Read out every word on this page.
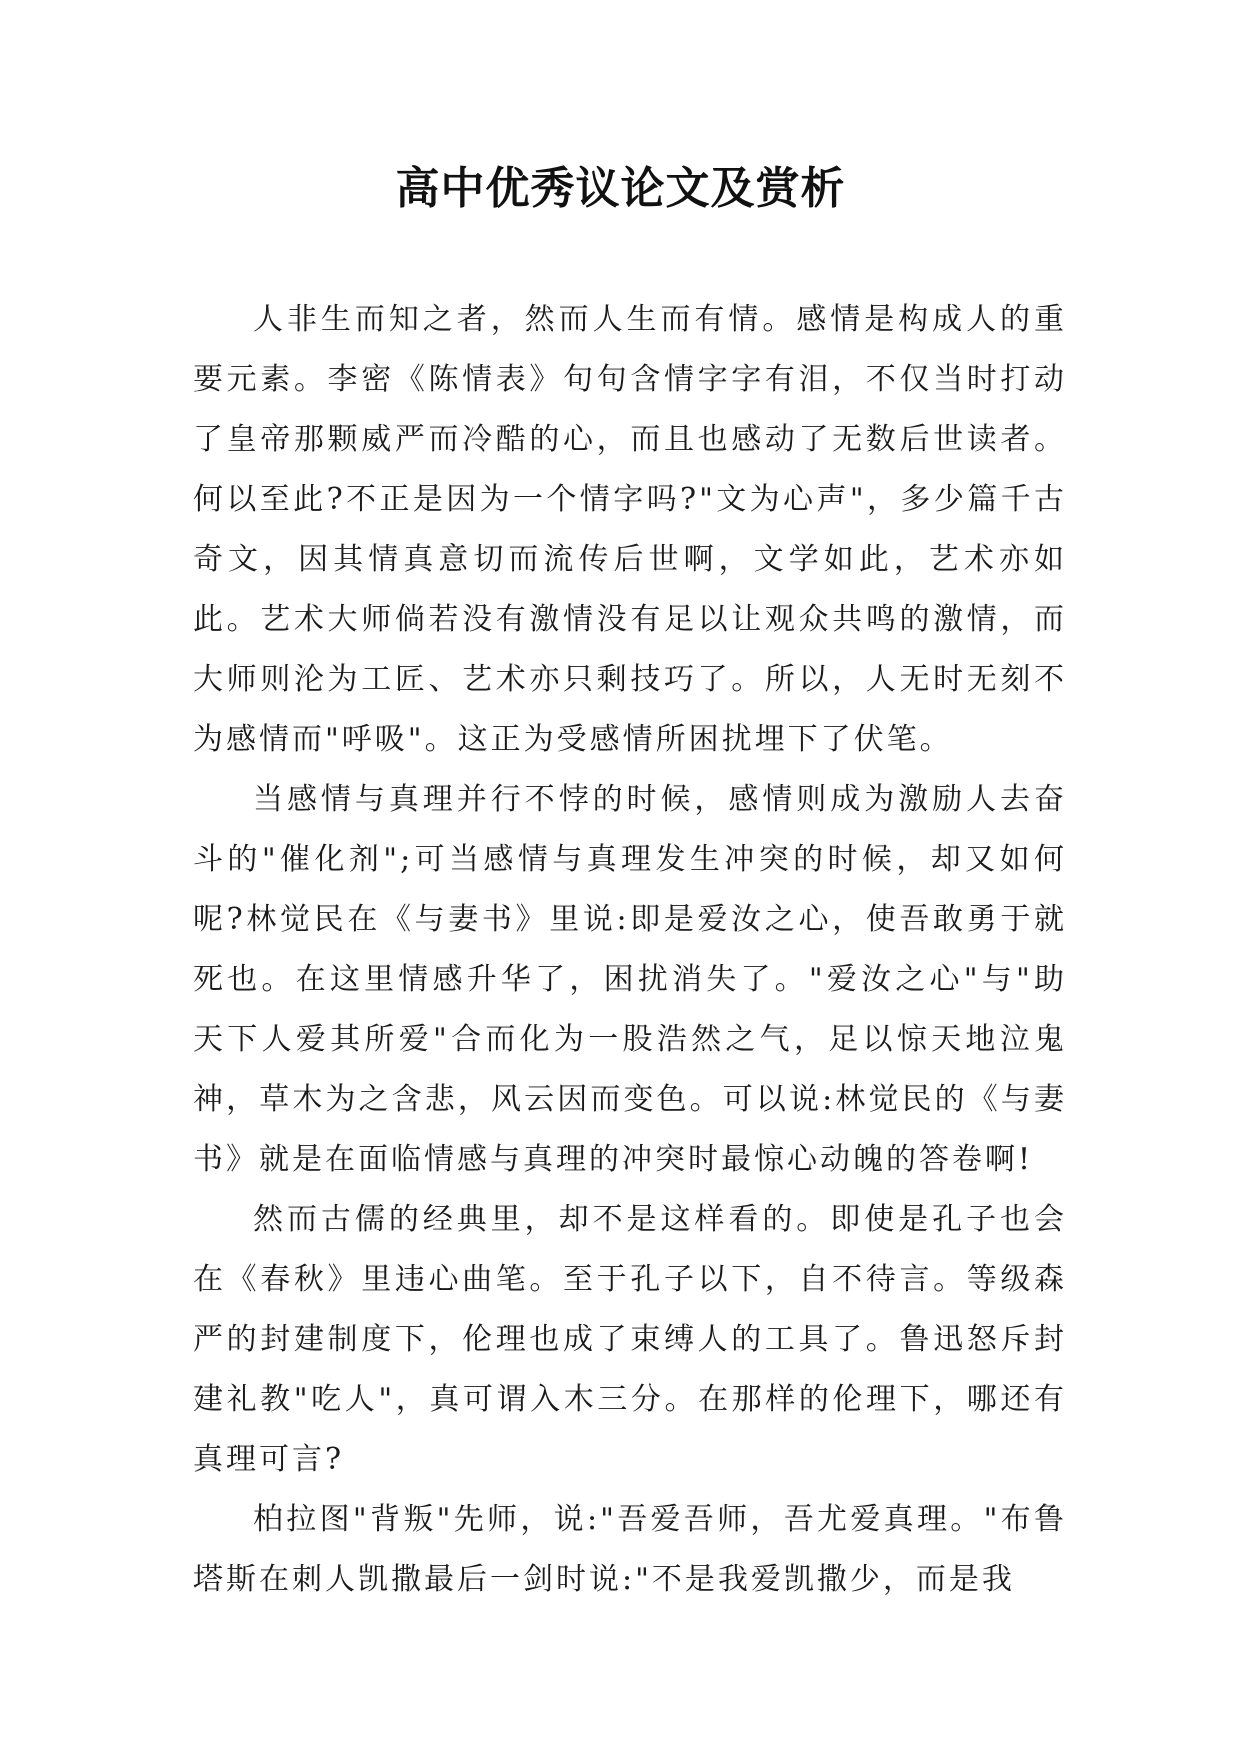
高中优秀议论文及赏析

人非生而知之者，然而人生而有情。感情是构成人的重要元素。李密《陈情表》句句含情字字有泪，不仅当时打动了皇帝那颗威严而冷酷的心，而且也感动了无数后世读者。何以至此?不正是因为一个情字吗?"文为心声"，多少篇千古奇文，因其情真意切而流传后世啊，文学如此，艺术亦如此。艺术大师倘若没有激情没有足以让观众共鸣的激情，而大师则沦为工匠、艺术亦只剩技巧了。所以，人无时无刻不为感情而"呼吸"。这正为受感情所困扰埋下了伏笔。

当感情与真理并行不悖的时候，感情则成为激励人去奋斗的"催化剂";可当感情与真理发生冲突的时候，却又如何呢?林觉民在《与妻书》里说:即是爱汝之心，使吾敢勇于就死也。在这里情感升华了，困扰消失了。"爱汝之心"与"助天下人爱其所爱"合而化为一股浩然之气，足以惊天地泣鬼神，草木为之含悲，风云因而变色。可以说:林觉民的《与妻书》就是在面临情感与真理的冲突时最惊心动魄的答卷啊!

然而古儒的经典里，却不是这样看的。即使是孔子也会在《春秋》里违心曲笔。至于孔子以下，自不待言。等级森严的封建制度下，伦理也成了束缚人的工具了。鲁迅怒斥封建礼教"吃人"，真可谓入木三分。在那样的伦理下，哪还有真理可言?

柏拉图"背叛"先师，说:"吾爱吾师，吾尤爱真理。"布鲁塔斯在刺人凯撒最后一剑时说:"不是我爱凯撒少，而是我
